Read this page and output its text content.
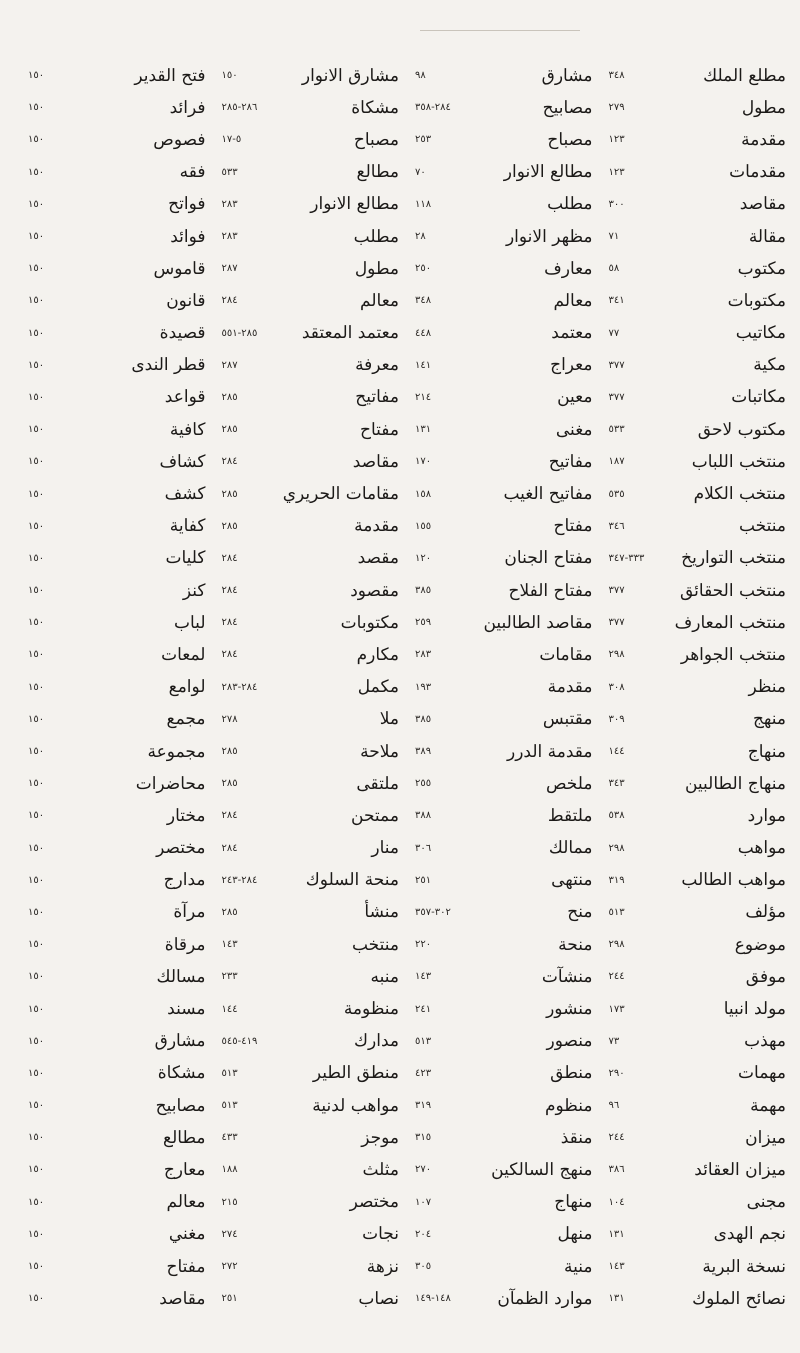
مطلع الملك
٣٤٨
مطول
٢٧٩
مقدمة
١٢٣
مقدمات
١٢٣
مقاصد
٣٠٠
مقالة
٧١
مكتوب
٥٨
مكتوبات
٣٤١
مكاتيب
٧٧
مكية
٣٧٧
مكاتبات
٣٧٧
مكتوب لاحق
٥٣٣
منتخب اللباب
١٨٧
منتخب الكلام
٥٣٥
منتخب
٣٤٦
منتخب التواريخ
٣٣٣-٣٤٧
منتخب الحقائق
٣٧٧
منتخب المعارف
٣٧٧
منتخب الجواهر
٢٩٨
منظر
٣٠٨
منهج
٣٠٩
منهاج
١٤٤
منهاج الطالبين
٣٤٣
موارد
٥٣٨
مواهب
٢٩٨
مواهب الطالب
٣١٩
مؤلف
٥١٣
موضوع
٢٩٨
موفق
٢٤٤
مولد انبیا
١٧٣
مهذب
٧٣
مهمات
٢٩٠
مهمة
٩٦
ميزان
٢٤٤
ميزان العقائد
٣٨٦
مجنی
١٠٤
نجم الهدى
١٣١
نسخة البرية
١٤٣
نصائح الملوك
١٣١
مشارق
٩٨
مصابيح
٢٨٤-٣٥٨
مصباح
٢٥٣
مطالع الانوار
٧٠
مطلب
١١٨
مظهر الانوار
٢٨
معارف
٢٥٠
معالم
٣٤٨
معتمد
٤٤٨
معراج
١٤١
معين
٢١٤
مغنى
١٣١
مفاتيح
١٧٠
مفاتيح الغيب
١٥٨
مفتاح
١٥٥
مفتاح الجنان
١٢٠
مفتاح الفلاح
٣٨٥
مقاصد الطالبين
٢٥٩
مقامات
٢٨٣
مقدمة
١٩٣
مقتبس
٣٨٥
مقدمة الدرر
٣٨٩
ملخص
٢٥٥
ملتقط
٣٨٨
ممالك
٣٠٦
منتهى
٢٥١
منح
٣٠٢-٣٥٧
منحة
٢٢٠
منشآت
١٤٣
منشور
٢٤١
منصور
٥١٣
منطق
٤٢٣
منظوم
٣١٩
منقذ
٣١٥
منهج السالكين
٢٧٠
منهاج
١٠٧
منهل
٢٠٤
منية
٣٠٥
موارد الظمآن
١٤٨-١٤٩
مشارق الانوار
١٥٠
مشكاة
٢٨٦-٢٨٥
مصباح
٥-١٧
مطالع
٥٣٣
مطالع الانوار
٢٨٣
مطلب
٢٨٣
مطول
٢٨٧
معالم
٢٨٤
معتمد المعتقد
٢٨٥-٥٥١
معرفة
٢٨٧
مفاتيح
٢٨٥
مفتاح
٢٨٥
مقاصد
٢٨٤
مقامات الحريري
٢٨٥
مقدمة
٢٨٥
مقصد
٢٨٤
مقصود
٢٨٤
مكتوبات
٢٨٤
مكارم
٢٨٤
مكمل
٢٨٤-٢٨٣
ملا
٢٧٨
ملاحة
٢٨٥
ملتقى
٢٨٥
ممتحن
٢٨٤
منار
٢٨٤
منحة السلوك
٢٨٤-٢٤٣
منشأ
٢٨٥
منتخب
١٤٣
منبه
٢٣٣
منظومة
١٤٤
مدارك
٤١٩-٥٤٥
منطق الطير
٥١٣
مواهب لدنية
٥١٣
موجز
٤٣٣
مثلث
١٨٨
مختصر
٢١٥
نجات
٢٧٤
نزهة
٢٧٢
نصاب
٢٥١
فتح القدير
١٥٠
فرائد
١٥٠
فصوص
١٥٠
فقه
١٥٠
فواتح
١٥٠
فوائد
١٥٠
قاموس
١٥٠
قانون
١٥٠
قصيدة
١٥٠
قطر الندى
١٥٠
قواعد
١٥٠
كافية
١٥٠
كشاف
١٥٠
كشف
١٥٠
كفاية
١٥٠
كليات
١٥٠
كنز
١٥٠
لباب
١٥٠
لمعات
١٥٠
لوامع
١٥٠
مجمع
١٥٠
مجموعة
١٥٠
محاضرات
١٥٠
مختار
١٥٠
مختصر
١٥٠
مدارج
١٥٠
مرآة
١٥٠
مرقاة
١٥٠
مسالك
١٥٠
مسند
١٥٠
مشارق
١٥٠
مشكاة
١٥٠
مصابيح
١٥٠
مطالع
١٥٠
معارج
١٥٠
معالم
١٥٠
مغني
١٥٠
مفتاح
١٥٠
مقاصد
١٥٠
